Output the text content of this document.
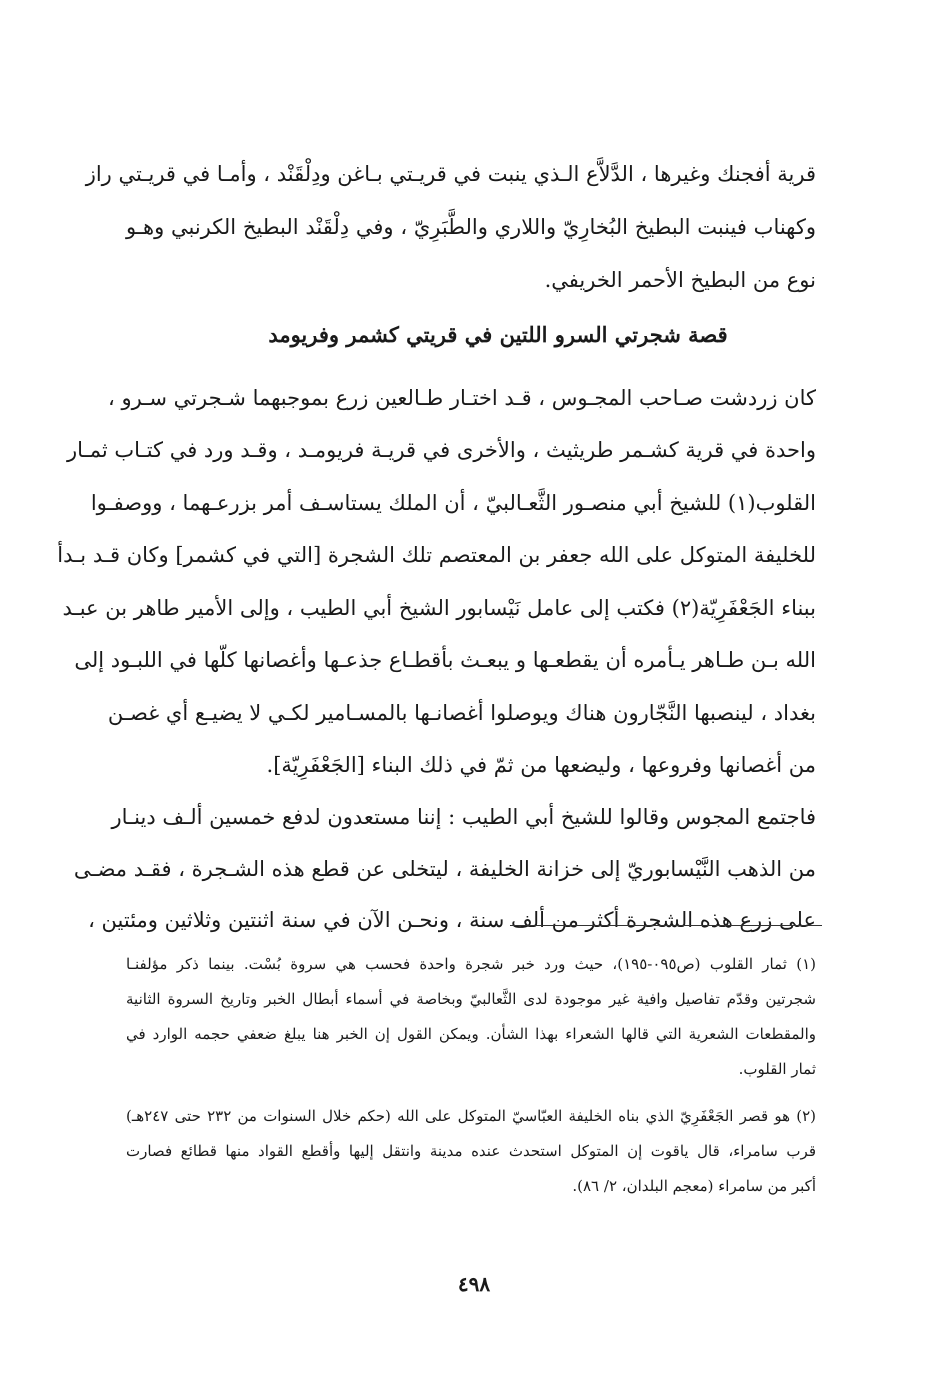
قرية أفجنك وغيرها ، الدَّلاَّع الـذي ينبت في قريـتي بـاغن ودِلْقَنْد ، وأمـا في قريـتي راز
وكهناب فينبت البطيخ البُخارِيّ واللاري والطَّبَرِيّ ، وفي دِلْقَنْد البطيخ الكرنبي وهـو
نوع من البطيخ الأحمر الخريفي.
قصة شجرتي السرو اللتين في قريتي كشمر وفريومد
كان زردشت صـاحب المجـوس ، قـد اختـار طـالعين زرع بموجبهما شـجرتي سـرو ،
واحدة في قرية كشـمر طريثيث ، والأخرى في قريـة فريومـد ، وقـد ورد في كتـاب ثمـار
القلوب(١) للشيخ أبي منصـور الثَّعـالبيّ ، أن الملك يستاسـف أمر بزرعـهما ، ووصفـوا
للخليفة المتوكل على الله جعفر بن المعتصم تلك الشجرة [التي في كشمر] وكان قـد بـدأ
ببناء الجَعْفَرِيّة(٢) فكتب إلى عامل نَيْسابور الشيخ أبي الطيب ، وإلى الأمير طاهر بن عبـد
الله بـن طـاهر يـأمره أن يقطعـها و يبعـث بأقطـاع جذعـها وأغصانها كلّها في اللبـود إلى
بغداد ، لينصبها النَّجّارون هناك ويوصلوا أغصانـها بالمسـامير لكـي لا يضيـع أي غصـن
من أغصانها وفروعها ، وليضعها من ثمّ في ذلك البناء [الجَعْفَرِيّة].
فاجتمع المجوس وقالوا للشيخ أبي الطيب : إننا مستعدون لدفع خمسين ألـف دينـار
من الذهب النَّيْسابوريّ إلى خزانة الخليفة ، ليتخلى عن قطع هذه الشـجرة ، فقـد مضـى
على زرع هذه الشجرة أكثر من ألف سنة ، ونحـن الآن في سنة اثنتين وثلاثين ومئتين ،
(١) ثمار القلوب (ص٠٩٥-١٩٥)، حيث ورد خبر شجرة واحدة فحسب هي سروة بُسْت. بينما ذكر مؤلفنـا
شجرتين وقدّم تفاصيل وافية غير موجودة لدى الثَّعالبيّ وبخاصة في أسماء أبطال الخبر وتاريخ السروة الثانية
والمقطعات الشعرية التي قالها الشعراء بهذا الشأن. ويمكن القول إن الخبر هنا يبلغ ضعفي حجمه الوارد في
ثمار القلوب.
(٢) هو قصر الجَعْفَرِيّ الذي بناه الخليفة العبّاسيّ المتوكل على الله (حكم خلال السنوات من ٢٣٢ حتى ٢٤٧هـ)
قرب سامراء، قال ياقوت إن المتوكل استحدث عنده مدينة وانتقل إليها وأقطع القواد منها قطائع فصارت
أكبر من سامراء (معجم البلدان، ٢/ ٨٦).
٤٩٨
